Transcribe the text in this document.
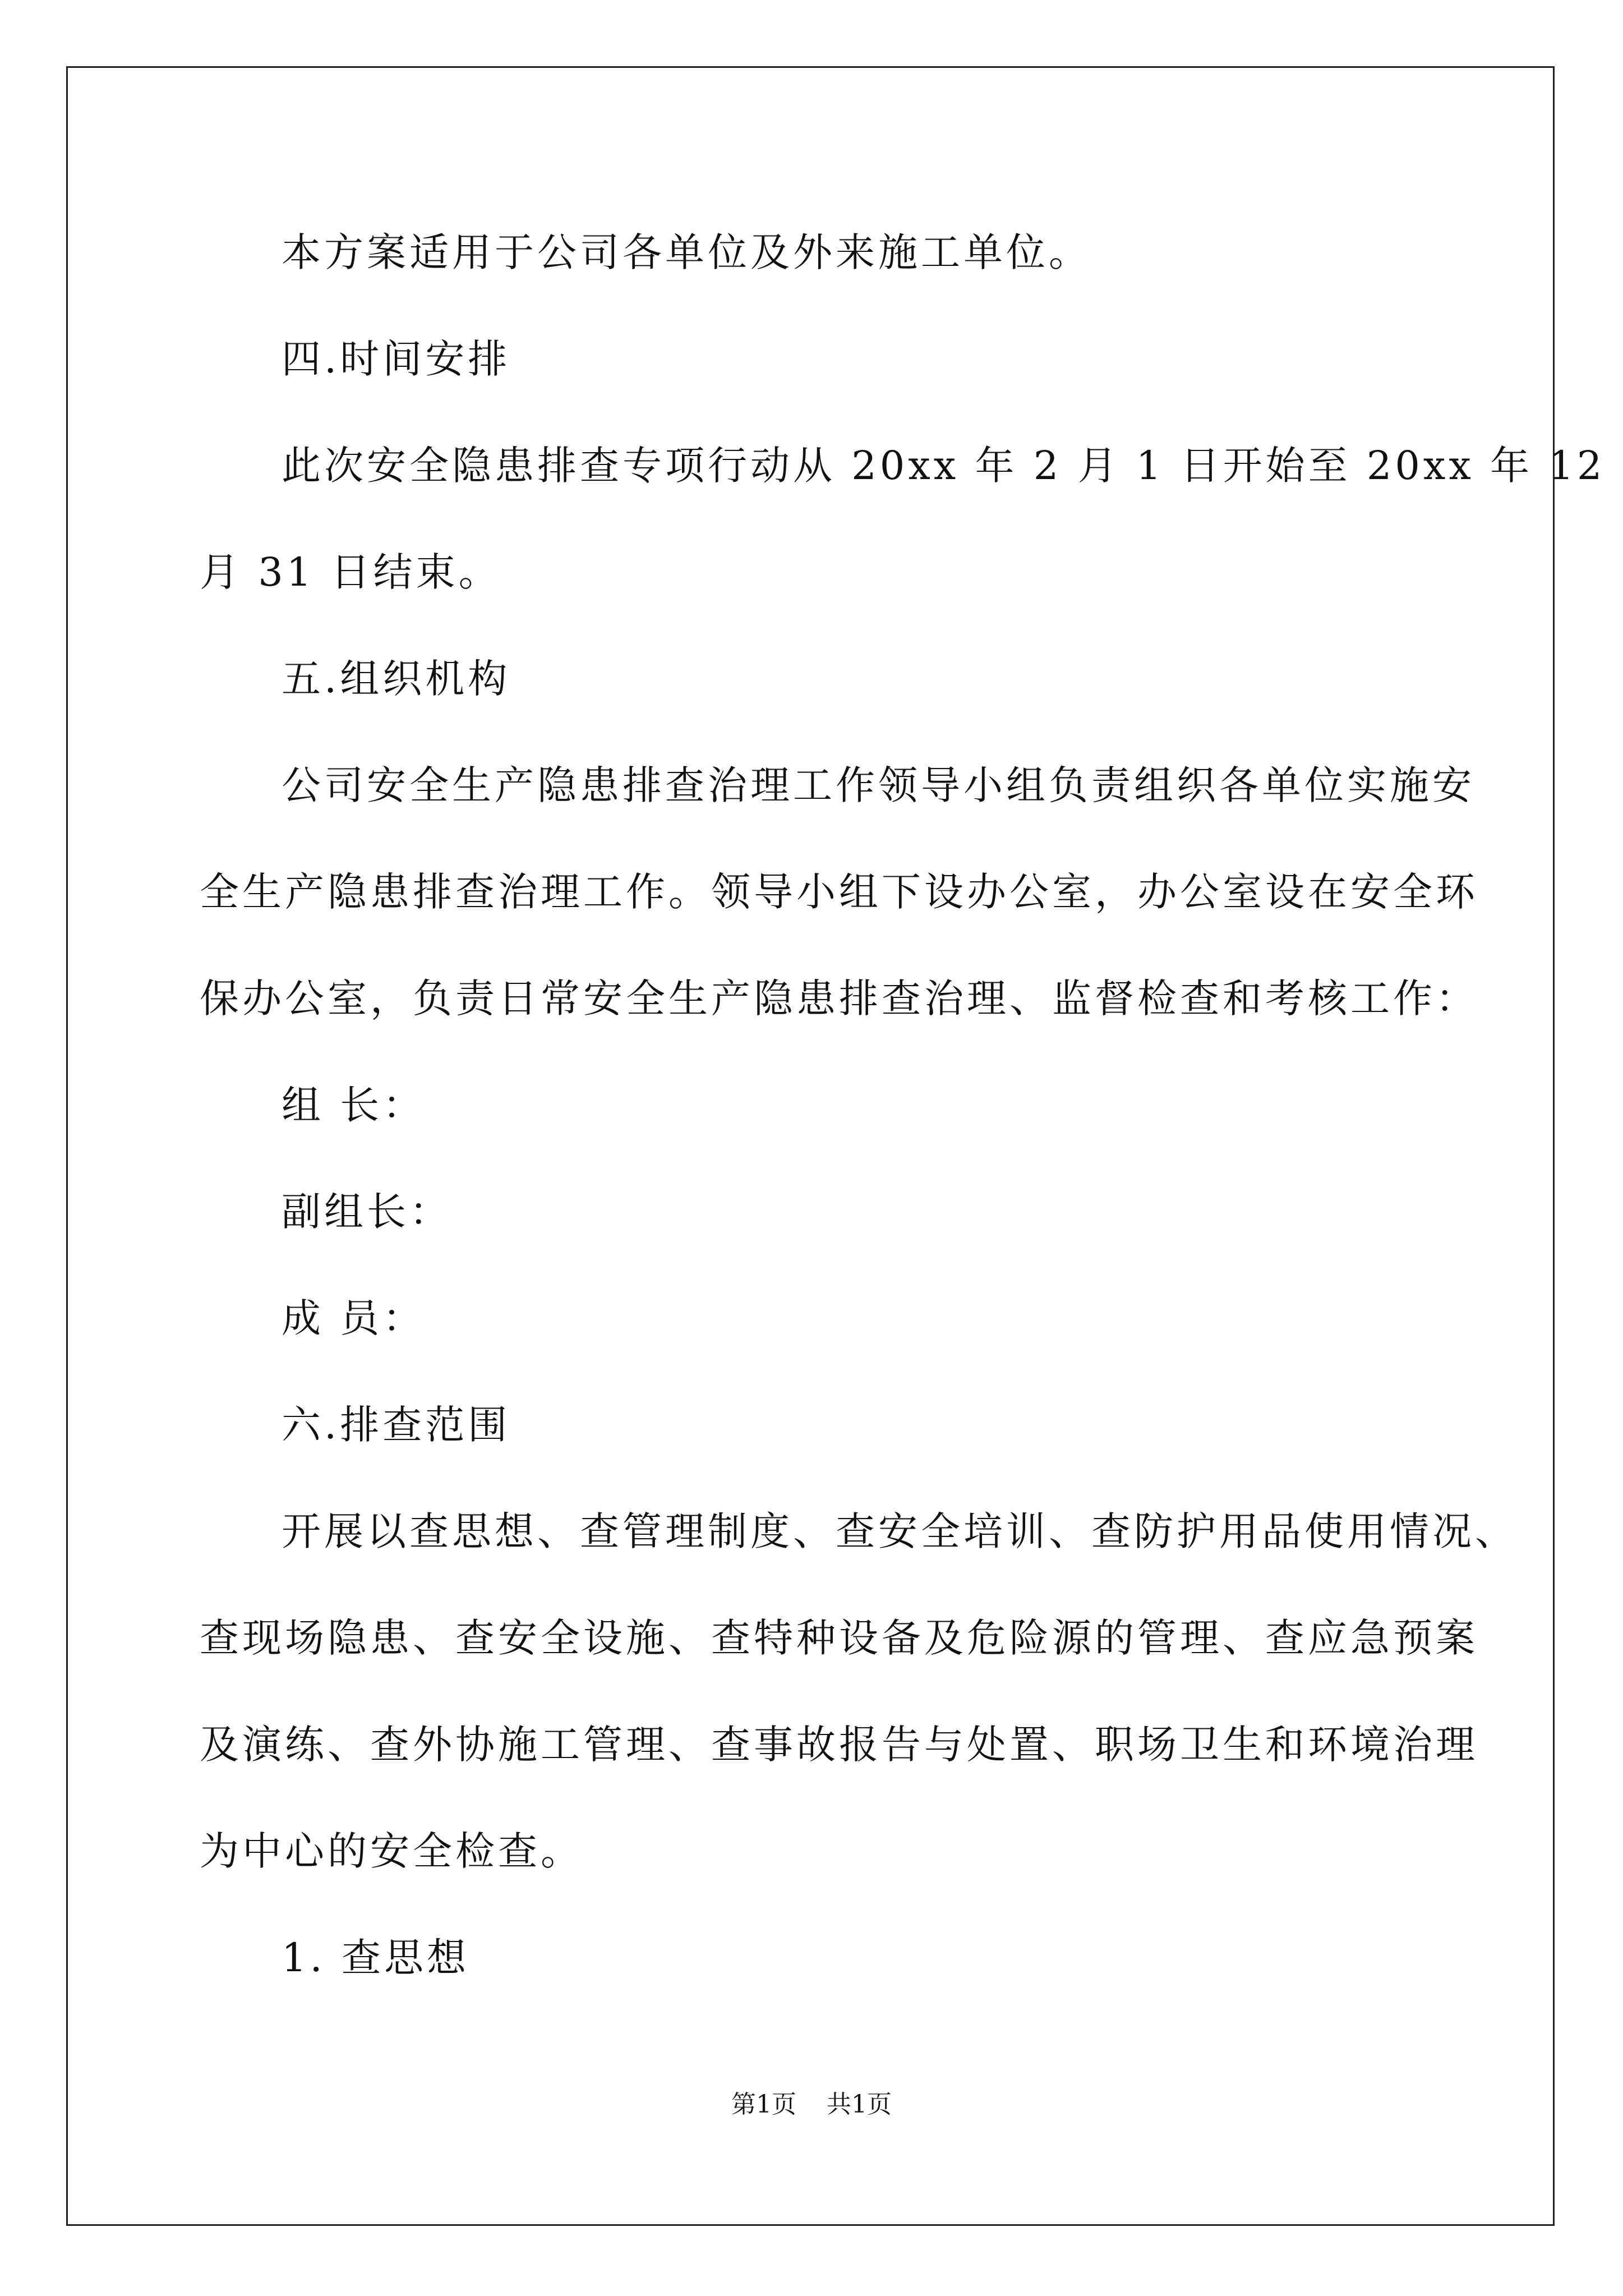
本方案适用于公司各单位及外来施工单位。
四.时间安排
此次安全隐患排查专项行动从 20xx 年 2 月 1 日开始至 20xx 年 12
月 31 日结束。
五.组织机构
公司安全生产隐患排查治理工作领导小组负责组织各单位实施安
全生产隐患排查治理工作。领导小组下设办公室，办公室设在安全环
保办公室，负责日常安全生产隐患排查治理、监督检查和考核工作：
组 长：
副组长：
成 员：
六.排查范围
开展以查思想、查管理制度、查安全培训、查防护用品使用情况、
查现场隐患、查安全设施、查特种设备及危险源的管理、查应急预案
及演练、查外协施工管理、查事故报告与处置、职场卫生和环境治理
为中心的安全检查。
1. 查思想
第1页 共1页
